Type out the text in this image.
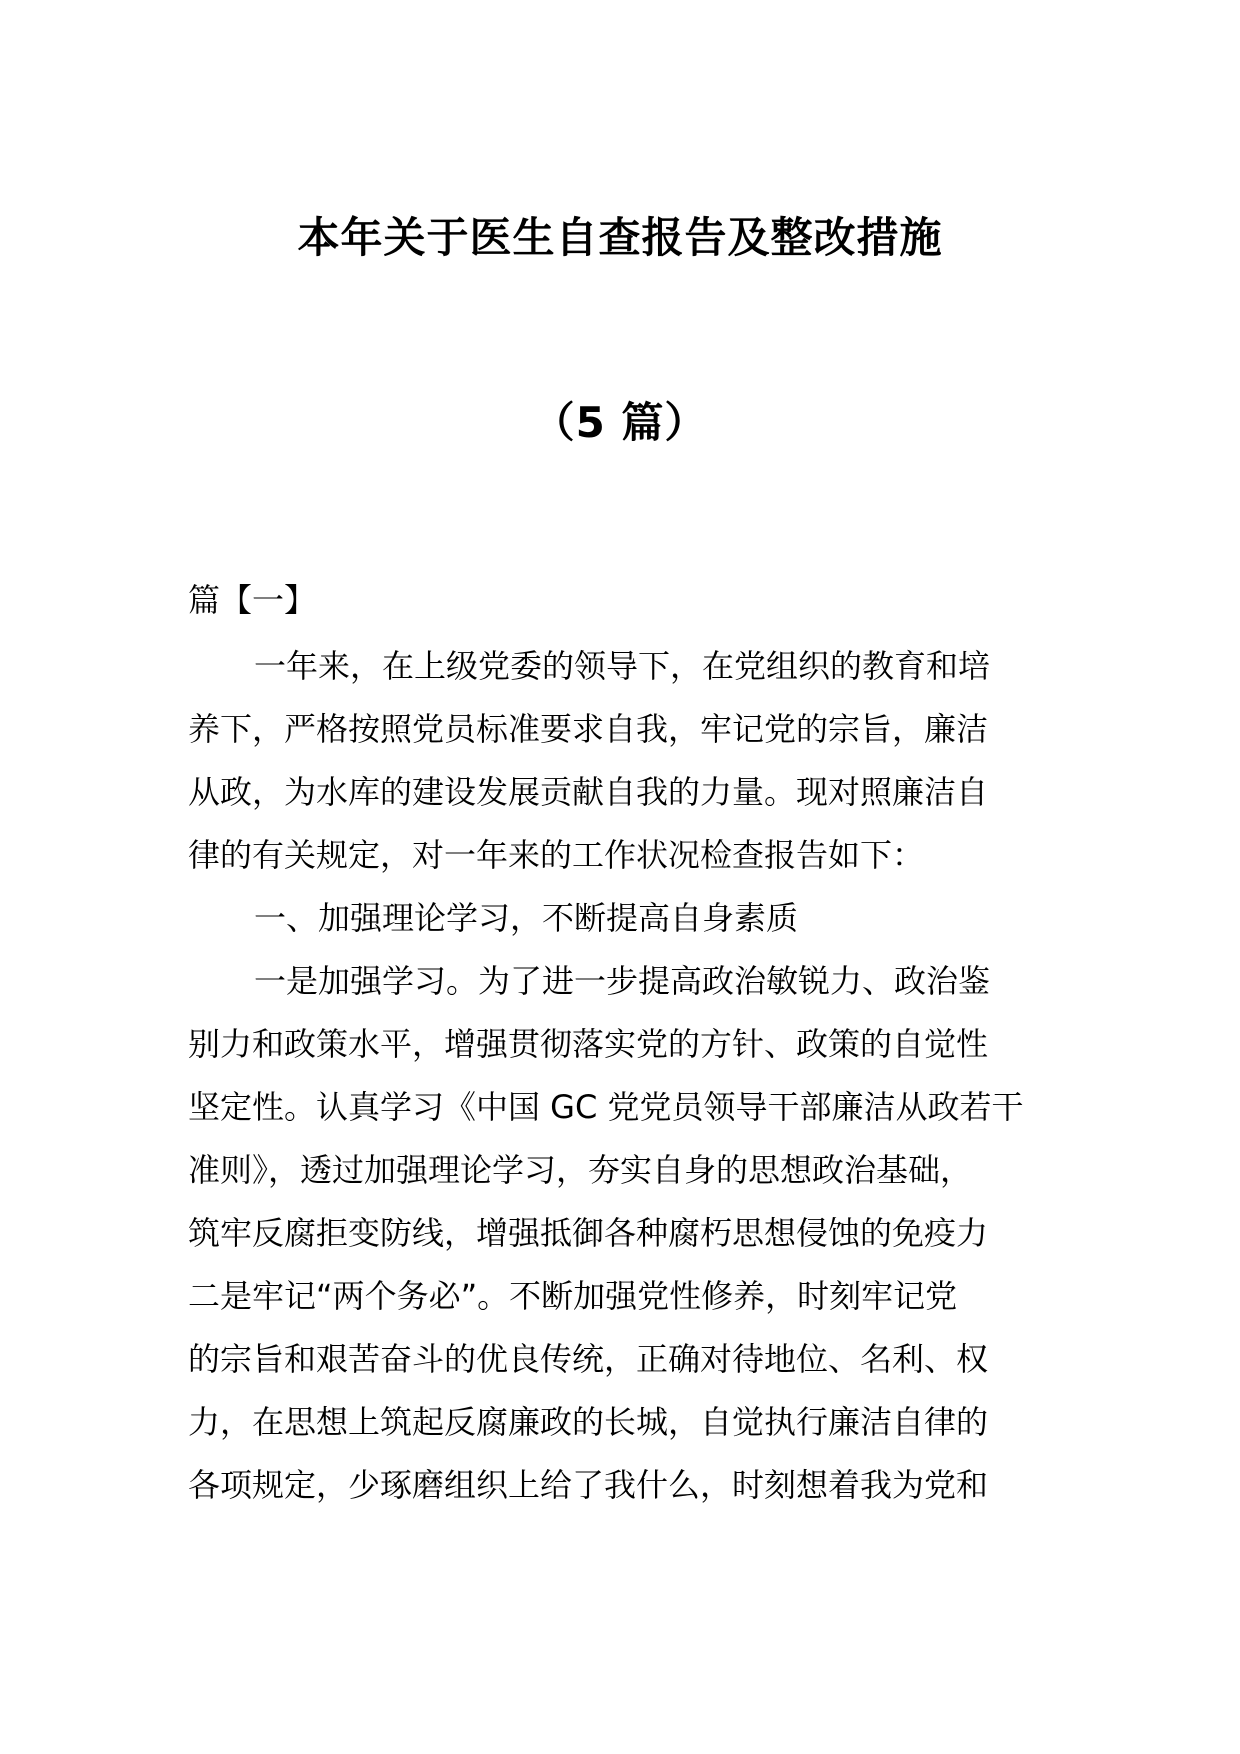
本年关于医生自查报告及整改措施
（5 篇）
篇【一】
一年来，在上级党委的领导下，在党组织的教育和培
养下，严格按照党员标准要求自我，牢记党的宗旨，廉洁
从政，为水库的建设发展贡献自我的力量。现对照廉洁自
律的有关规定，对一年来的工作状况检查报告如下：
一、加强理论学习，不断提高自身素质
一是加强学习。为了进一步提高政治敏锐力、政治鉴
别力和政策水平，增强贯彻落实党的方针、政策的自觉性
坚定性。认真学习《中国 GC 党党员领导干部廉洁从政若干
准则》，透过加强理论学习，夯实自身的思想政治基础，
筑牢反腐拒变防线，增强抵御各种腐朽思想侵蚀的免疫力
二是牢记“两个务必”。不断加强党性修养，时刻牢记党
的宗旨和艰苦奋斗的优良传统，正确对待地位、名利、权
力，在思想上筑起反腐廉政的长城，自觉执行廉洁自律的
各项规定，少琢磨组织上给了我什么，时刻想着我为党和
